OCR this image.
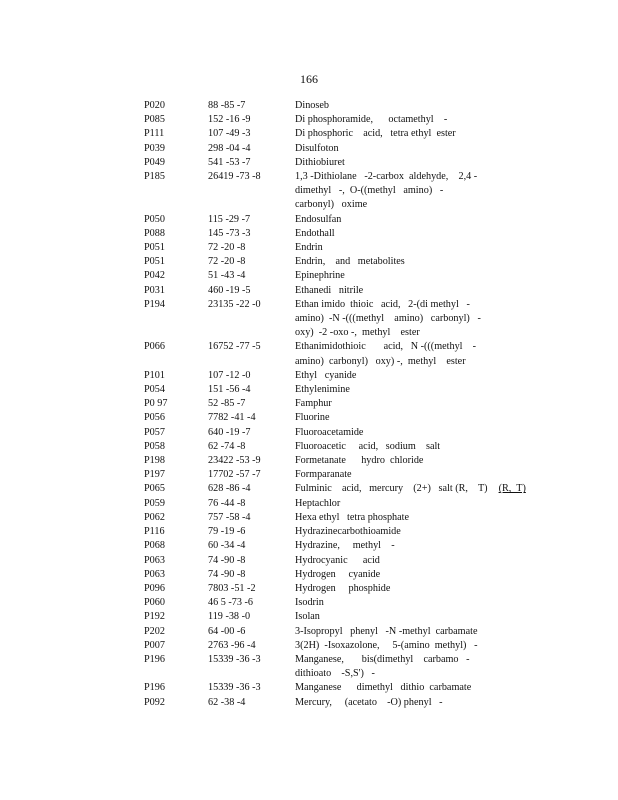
166
P020	88 -85 -7	Dinoseb
P085	152 -16 -9	Di phosphoramide,      octamethyl    -
P111	107 -49 -3	Di phosphoric    acid,   tetra ethyl  ester
P039	298 -04 -4	Disulfoton
P049	541 -53 -7	Dithiobiuret
P185	26419 -73 -8	1,3 -Dithiolane   -2-carbox  aldehyde,    2,4 -
dimethyl   -,  O-((methyl   amino)   -
carbonyl)   oxime
P050	115 -29 -7	Endosulfan
P088	145 -73 -3	Endothall
P051	72 -20 -8	Endrin
P051	72 -20 -8	Endrin,    and   metabolites
P042	51 -43 -4	Epinephrine
P031	460 -19 -5	Ethanedi   nitrile
P194	23135 -22 -0	Ethan imido  thioic   acid,   2-(di methyl   -
amino)  -N -(((methyl    amino)   carbonyl)   -
oxy)  -2 -oxo -,  methyl    ester
P066	16752 -77 -5	Ethanimidothioic       acid,   N -(((methyl    -
amino)  carbonyl)   oxy) -,  methyl    ester
P101	107 -12 -0	Ethyl   cyanide
P054	151 -56 -4	Ethylenimine
P0 97	52 -85 -7	Famphur
P056	7782 -41 -4	Fluorine
P057	640 -19 -7	Fluoroacetamide
P058	62 -74 -8	Fluoroacetic     acid,   sodium    salt
P198	23422 -53 -9	Formetanate      hydro  chloride
P197	17702 -57 -7	Formparanate
P065	628 -86 -4	Fulminic    acid,   mercury    (2+)   salt (R,    T) (R,  T)
P059	76 -44 -8	Heptachlor
P062	757 -58 -4	Hexa ethyl   tetra phosphate
P116	79 -19 -6	Hydrazinecarbothioamide
P068	60 -34 -4	Hydrazine,     methyl    -
P063	74 -90 -8	Hydrocyanic      acid
P063	74 -90 -8	Hydrogen     cyanide
P096	7803 -51 -2	Hydrogen     phosphide
P060	46 5 -73 -6	Isodrin
P192	119 -38 -0	Isolan
P202	64 -00 -6	3-Isopropyl   phenyl   -N -methyl  carbamate
P007	2763 -96 -4	3(2H)  -Isoxazolone,     5-(amino  methyl)   -
P196	15339 -36 -3	Manganese,       bis(dimethyl    carbamo   -
dithioato    -S,S')   -
P196	15339 -36 -3	Manganese      dimethyl   dithio  carbamate
P092	62 -38 -4	Mercury,     (acetato    -O) phenyl   -
